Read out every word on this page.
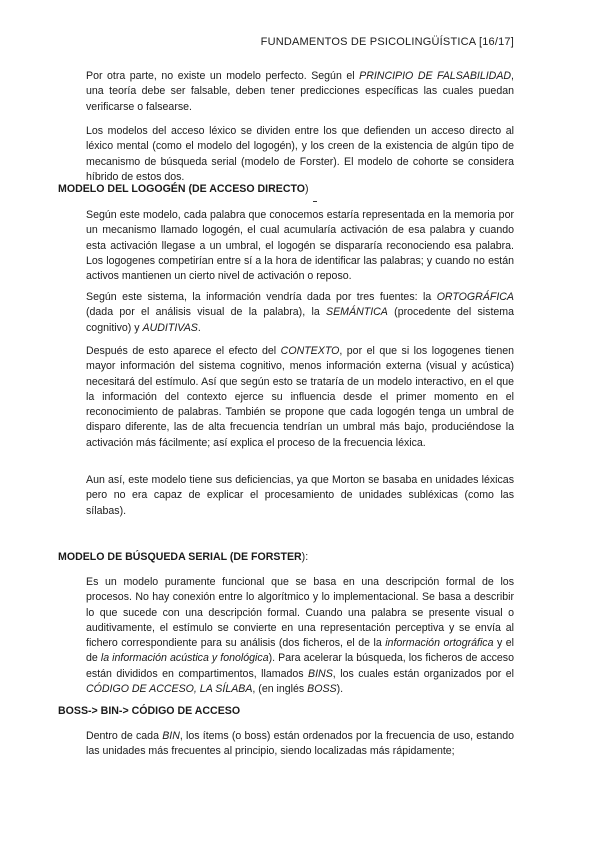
FUNDAMENTOS DE PSICOLINGÜÍSTICA [16/17]

Por otra parte, no existe un modelo perfecto. Según el PRINCIPIO DE FALSABILIDAD, una teoría debe ser falsable, deben tener predicciones específicas las cuales puedan verificarse o falsearse.

Los modelos del acceso léxico se dividen entre los que defienden un acceso directo al léxico mental (como el modelo del logogén), y los creen de la existencia de algún tipo de mecanismo de búsqueda serial (modelo de Forster). El modelo de cohorte se considera híbrido de estos dos.

MODELO DEL LOGOGÉN (DE ACCESO DIRECTO)

Según este modelo, cada palabra que conocemos estaría representada en la memoria por un mecanismo llamado logogén, el cual acumularía activación de esa palabra y cuando esta activación llegase a un umbral, el logogén se dispararía reconociendo esa palabra. Los logogenes competirían entre sí a la hora de identificar las palabras; y cuando no están activos mantienen un cierto nivel de activación o reposo.

Según este sistema, la información vendría dada por tres fuentes: la ORTOGRÁFICA (dada por el análisis visual de la palabra), la SEMÁNTICA (procedente del sistema cognitivo) y AUDITIVAS.

Después de esto aparece el efecto del CONTEXTO, por el que si los logogenes tienen mayor información del sistema cognitivo, menos información externa (visual y acústica) necesitará del estímulo. Así que según esto se trataría de un modelo interactivo, en el que la información del contexto ejerce su influencia desde el primer momento en el reconocimiento de palabras. También se propone que cada logogén tenga un umbral de disparo diferente, las de alta frecuencia tendrían un umbral más bajo, produciéndose la activación más fácilmente; así explica el proceso de la frecuencia léxica.

Aun así, este modelo tiene sus deficiencias, ya que Morton se basaba en unidades léxicas pero no era capaz de explicar el procesamiento de unidades subléxicas (como las sílabas).

MODELO DE BÚSQUEDA SERIAL (DE FORSTER):

Es un modelo puramente funcional que se basa en una descripción formal de los procesos. No hay conexión entre lo algorítmico y lo implementacional. Se basa a describir lo que sucede con una descripción formal. Cuando una palabra se presente visual o auditivamente, el estímulo se convierte en una representación perceptiva y se envía al fichero correspondiente para su análisis (dos ficheros, el de la información ortográfica y el de la información acústica y fonológica). Para acelerar la búsqueda, los ficheros de acceso están divididos en compartimentos, llamados BINS, los cuales están organizados por el CÓDIGO DE ACCESO, LA SÍLABA, (en inglés BOSS).

BOSS-> BIN-> CÓDIGO DE ACCESO

Dentro de cada BIN, los ítems (o boss) están ordenados por la frecuencia de uso, estando las unidades más frecuentes al principio, siendo localizadas más rápidamente;
